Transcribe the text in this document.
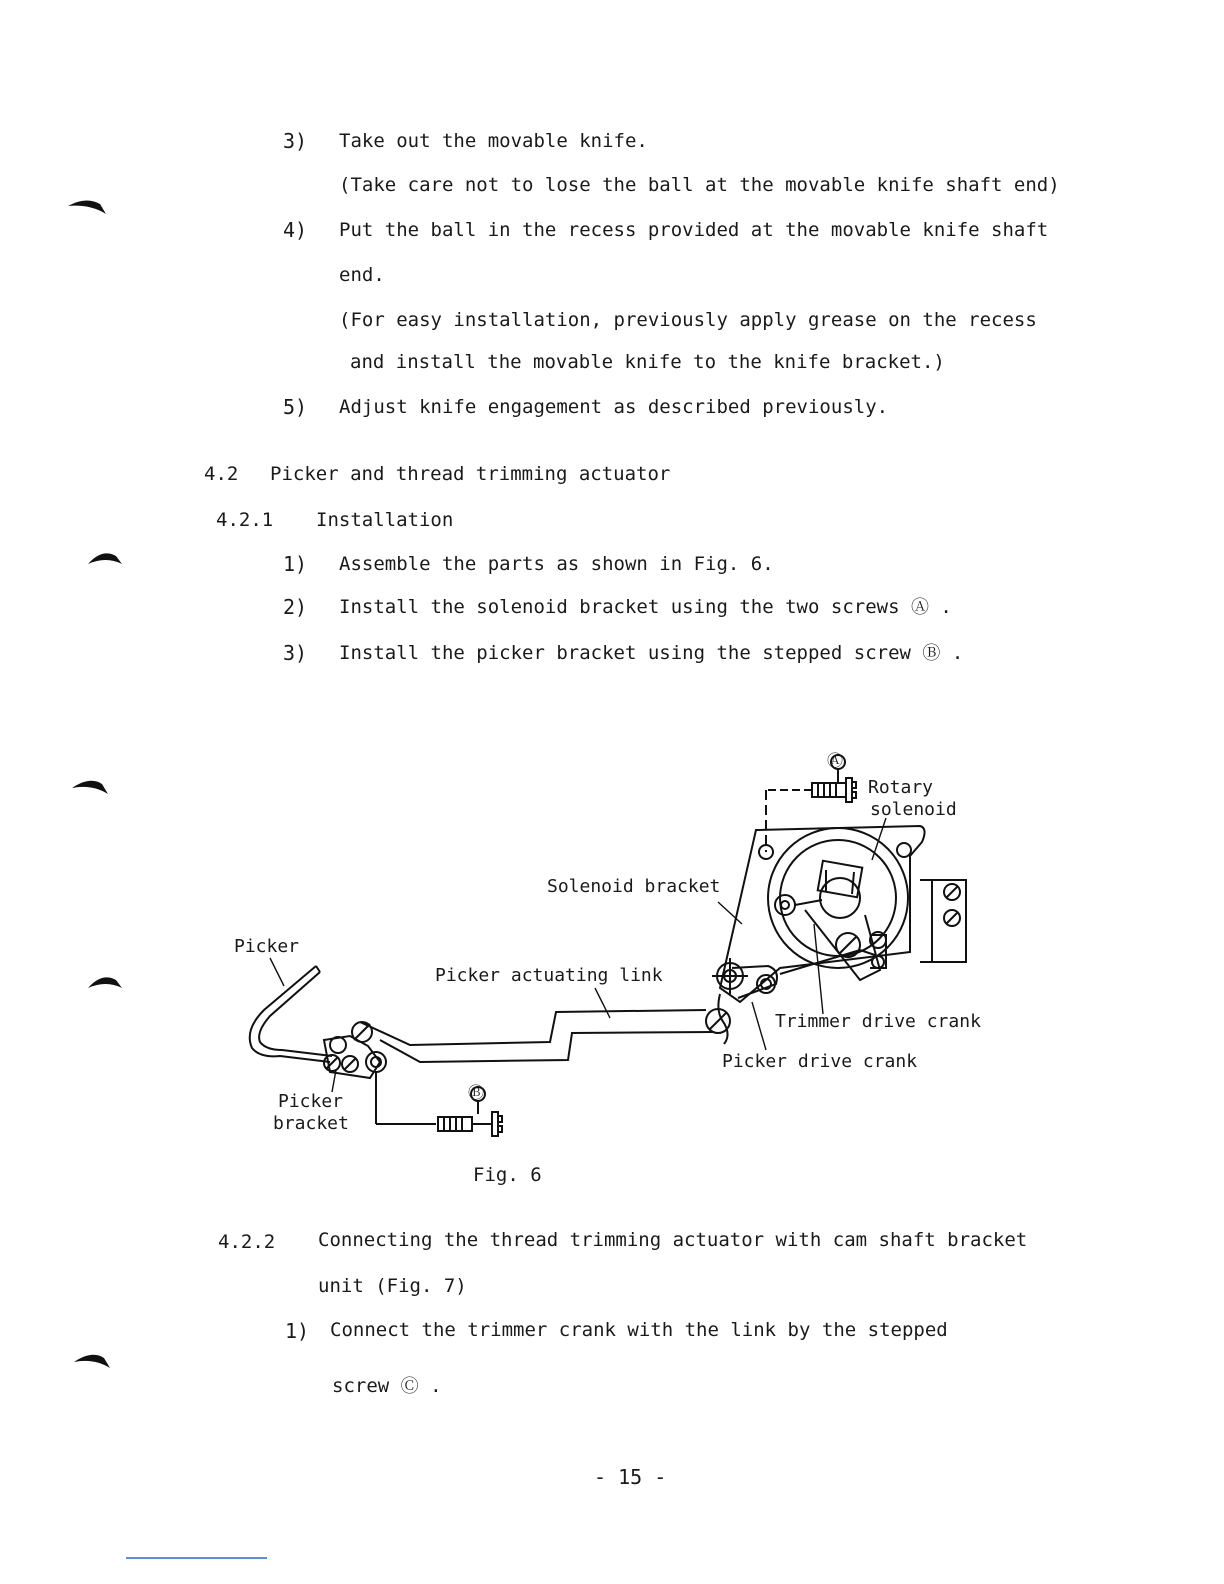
3) Take out the movable knife.
(Take care not to lose the ball at the movable knife shaft end)
4) Put the ball in the recess provided at the movable knife shaft
end.
(For easy installation, previously apply grease on the recess
and install the movable knife to the knife bracket.)
5) Adjust knife engagement as described previously.
4.2 Picker and thread trimming actuator
4.2.1 Installation
1) Assemble the parts as shown in Fig. 6.
2) Install the solenoid bracket using the two screws Ⓐ .
3) Install the picker bracket using the stepped screw Ⓑ .
Ⓐ
Rotary
solenoid
Solenoid bracket
Picker
Picker actuating link
Trimmer drive crank
Picker drive crank
Picker
bracket
Ⓑ
Fig. 6
4.2.2 Connecting the thread trimming actuator with cam shaft bracket
unit (Fig. 7)
1) Connect the trimmer crank with the link by the stepped
screw Ⓒ .
- 15 -
